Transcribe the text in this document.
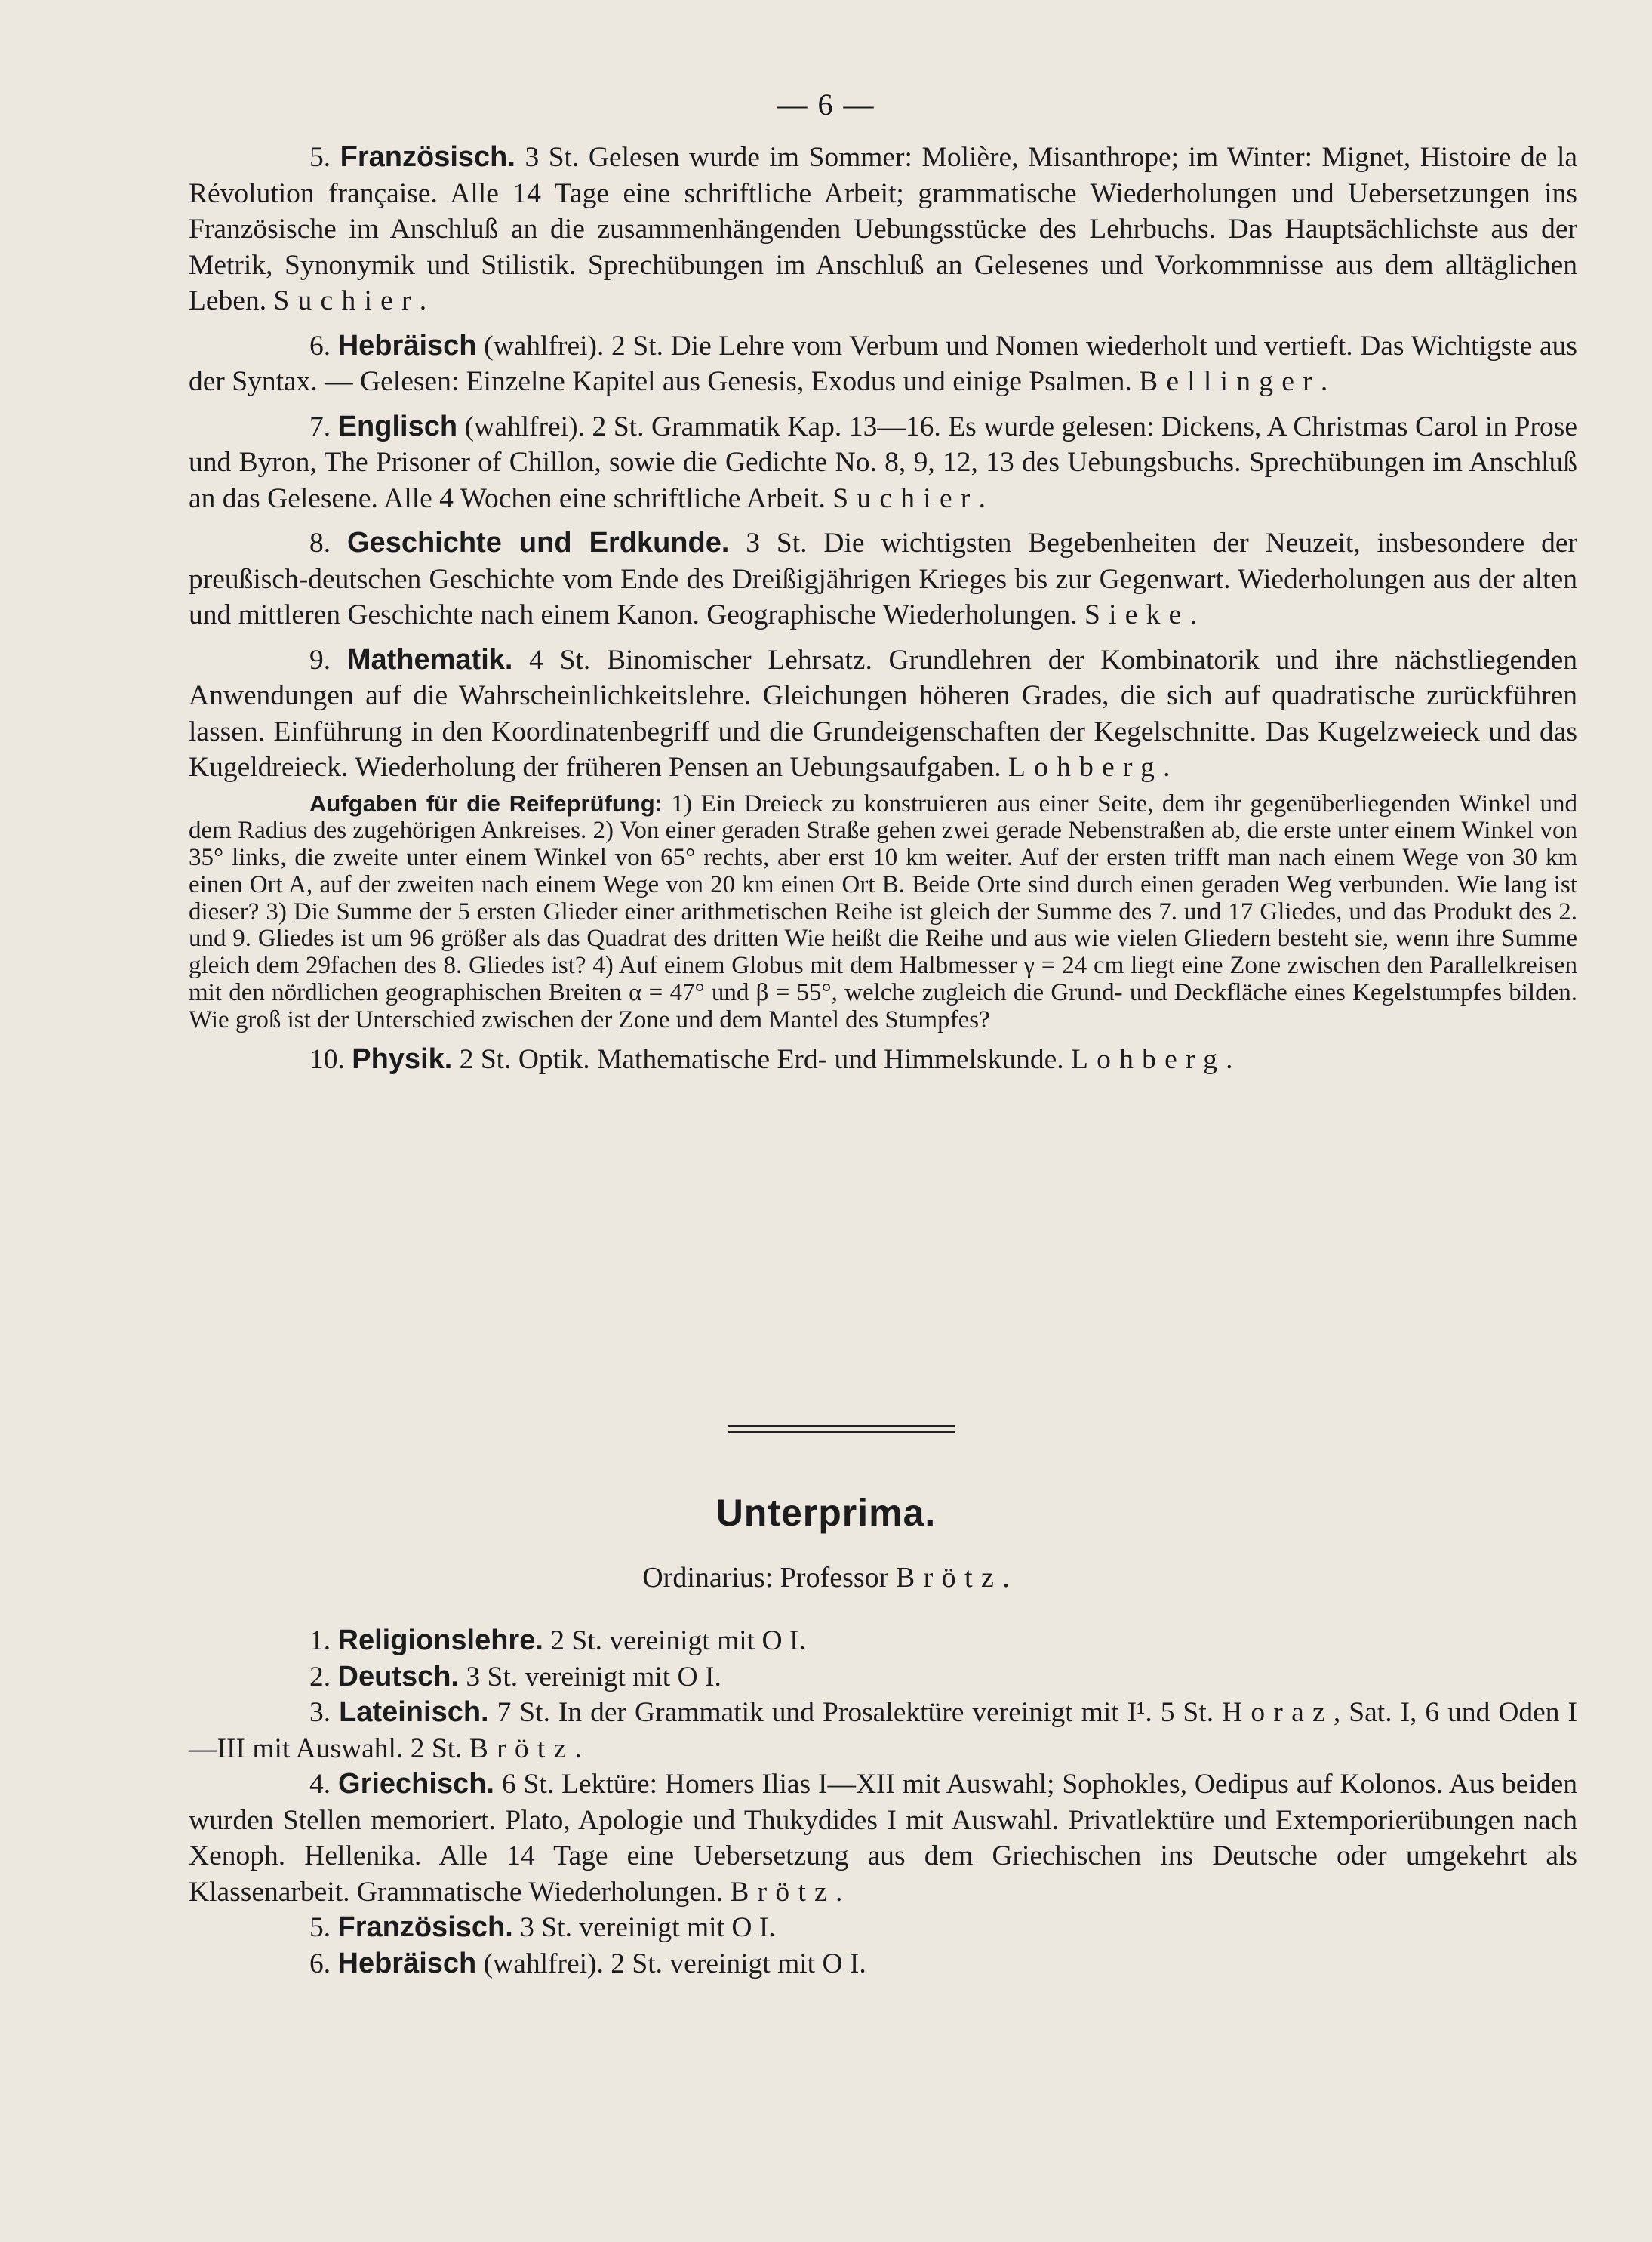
— 6 —

5. Französisch. 3 St. Gelesen wurde im Sommer: Molière, Misanthrope; im Winter: Mignet, Histoire de la Révolution française. Alle 14 Tage eine schriftliche Arbeit; grammatische Wiederholungen und Uebersetzungen ins Französische im Anschluß an die zusammenhängenden Uebungsstücke des Lehrbuchs. Das Hauptsächlichste aus der Metrik, Synonymik und Stilistik. Sprechübungen im Anschluß an Gelesenes und Vorkommnisse aus dem alltäglichen Leben. Suchier.

6. Hebräisch (wahlfrei). 2 St. Die Lehre vom Verbum und Nomen wiederholt und vertieft. Das Wichtigste aus der Syntax. — Gelesen: Einzelne Kapitel aus Genesis, Exodus und einige Psalmen. Bellinger.

7. Englisch (wahlfrei). 2 St. Grammatik Kap. 13—16. Es wurde gelesen: Dickens, A Christmas Carol in Prose und Byron, The Prisoner of Chillon, sowie die Gedichte No. 8, 9, 12, 13 des Uebungsbuchs. Sprechübungen im Anschluß an das Gelesene. Alle 4 Wochen eine schriftliche Arbeit. Suchier.

8. Geschichte und Erdkunde. 3 St. Die wichtigsten Begebenheiten der Neuzeit, insbesondere der preußisch-deutschen Geschichte vom Ende des Dreißigjährigen Krieges bis zur Gegenwart. Wiederholungen aus der alten und mittleren Geschichte nach einem Kanon. Geographische Wiederholungen. Sieke.

9. Mathematik. 4 St. Binomischer Lehrsatz. Grundlehren der Kombinatorik und ihre nächstliegenden Anwendungen auf die Wahrscheinlichkeitslehre. Gleichungen höheren Grades, die sich auf quadratische zurückführen lassen. Einführung in den Koordinatenbegriff und die Grundeigenschaften der Kegelschnitte. Das Kugelzweieck und das Kugeldreieck. Wiederholung der früheren Pensen an Uebungsaufgaben. Lohberg.

Aufgaben für die Reifeprüfung: 1) Ein Dreieck zu konstruieren aus einer Seite, dem ihr gegenüberliegenden Winkel und dem Radius des zugehörigen Ankreises. 2) Von einer geraden Straße gehen zwei gerade Nebenstraßen ab, die erste unter einem Winkel von 35° links, die zweite unter einem Winkel von 65° rechts, aber erst 10 km weiter. Auf der ersten trifft man nach einem Wege von 30 km einen Ort A, auf der zweiten nach einem Wege von 20 km einen Ort B. Beide Orte sind durch einen geraden Weg verbunden. Wie lang ist dieser? 3) Die Summe der 5 ersten Glieder einer arithmetischen Reihe ist gleich der Summe des 7. und 17 Gliedes, und das Produkt des 2. und 9. Gliedes ist um 96 größer als das Quadrat des dritten Wie heißt die Reihe und aus wie vielen Gliedern besteht sie, wenn ihre Summe gleich dem 29fachen des 8. Gliedes ist? 4) Auf einem Globus mit dem Halbmesser γ = 24 cm liegt eine Zone zwischen den Parallelkreisen mit den nördlichen geographischen Breiten α = 47° und β = 55°, welche zugleich die Grund- und Deckfläche eines Kegelstumpfes bilden. Wie groß ist der Unterschied zwischen der Zone und dem Mantel des Stumpfes?

10. Physik. 2 St. Optik. Mathematische Erd- und Himmelskunde. Lohberg.

Unterprima.
Ordinarius: Professor Brötz.

1. Religionslehre. 2 St. vereinigt mit O I.

2. Deutsch. 3 St. vereinigt mit O I.

3. Lateinisch. 7 St. In der Grammatik und Prosalektüre vereinigt mit I¹. 5 St. Horaz, Sat. I, 6 und Oden I—III mit Auswahl. 2 St. Brötz.

4. Griechisch. 6 St. Lektüre: Homers Ilias I—XII mit Auswahl; Sophokles, Oedipus auf Kolonos. Aus beiden wurden Stellen memoriert. Plato, Apologie und Thukydides I mit Auswahl. Privatlektüre und Extemporierübungen nach Xenoph. Hellenika. Alle 14 Tage eine Uebersetzung aus dem Griechischen ins Deutsche oder umgekehrt als Klassenarbeit. Grammatische Wiederholungen. Brötz.

5. Französisch. 3 St. vereinigt mit O I.

6. Hebräisch (wahlfrei). 2 St. vereinigt mit O I.
